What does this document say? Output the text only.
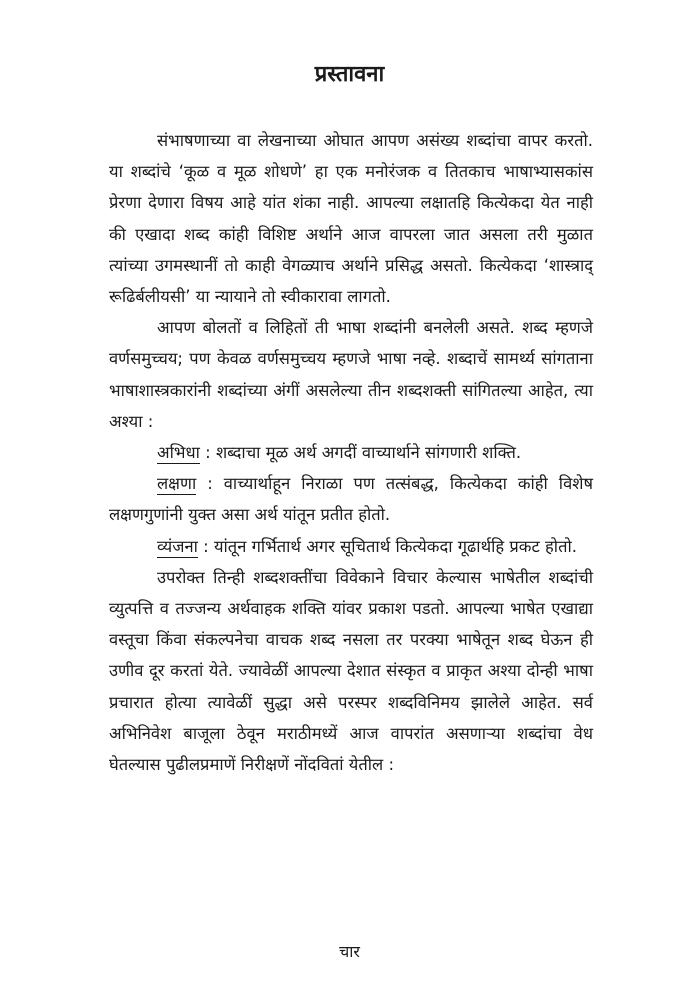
प्रस्तावना

संभाषणाच्या वा लेखनाच्या ओघात आपण असंख्य शब्दांचा वापर करतो. या शब्दांचे ‘कूळ व मूळ शोधणे’ हा एक मनोरंजक व तितकाच भाषाभ्यासकांस प्रेरणा देणारा विषय आहे यांत शंका नाही. आपल्या लक्षातहि कित्येकदा येत नाही की एखादा शब्द कांही विशिष्ट अर्थाने आज वापरला जात असला तरी मुळात त्यांच्या उगमस्थानीं तो काही वेगळ्याच अर्थाने प्रसिद्ध असतो. कित्येकदा ‘शास्त्राद् रूढिर्बलीयसी’ या न्यायाने तो स्वीकारावा लागतो.

आपण बोलतों व लिहितों ती भाषा शब्दांनी बनलेली असते. शब्द म्हणजे वर्णसमुच्चय; पण केवळ वर्णसमुच्चय म्हणजे भाषा नव्हे. शब्दाचें सामर्थ्य सांगताना भाषाशास्त्रकारांनी शब्दांच्या अंगीं असलेल्या तीन शब्दशक्ती सांगितल्या आहेत, त्या अश्या :

अभिधा : शब्दाचा मूळ अर्थ अगदीं वाच्यार्थाने सांगणारी शक्ति.

लक्षणा : वाच्यार्थाहून निराळा पण तत्संबद्ध, कित्येकदा कांही विशेष लक्षणगुणांनी युक्त असा अर्थ यांतून प्रतीत होतो.

व्यंजना : यांतून गर्भितार्थ अगर सूचितार्थ कित्येकदा गूढार्थहि प्रकट होतो.

उपरोक्त तिन्ही शब्दशक्तींचा विवेकाने विचार केल्यास भाषेतील शब्दांची व्युत्पत्ति व तज्जन्य अर्थवाहक शक्ति यांवर प्रकाश पडतो. आपल्या भाषेत एखाद्या वस्तूचा किंवा संकल्पनेचा वाचक शब्द नसला तर परक्या भाषेतून शब्द घेऊन ही उणीव दूर करतां येते. ज्यावेळीं आपल्या देशात संस्कृत व प्राकृत अश्या दोन्ही भाषा प्रचारात होत्या त्यावेळीं सुद्धा असे परस्पर शब्दविनिमय झालेले आहेत. सर्व अभिनिवेश बाजूला ठेवून मराठीमध्यें आज वापरांत असणाऱ्या शब्दांचा वेध घेतल्यास पुढीलप्रमाणें निरीक्षणें नोंदवितां येतील :

चार
